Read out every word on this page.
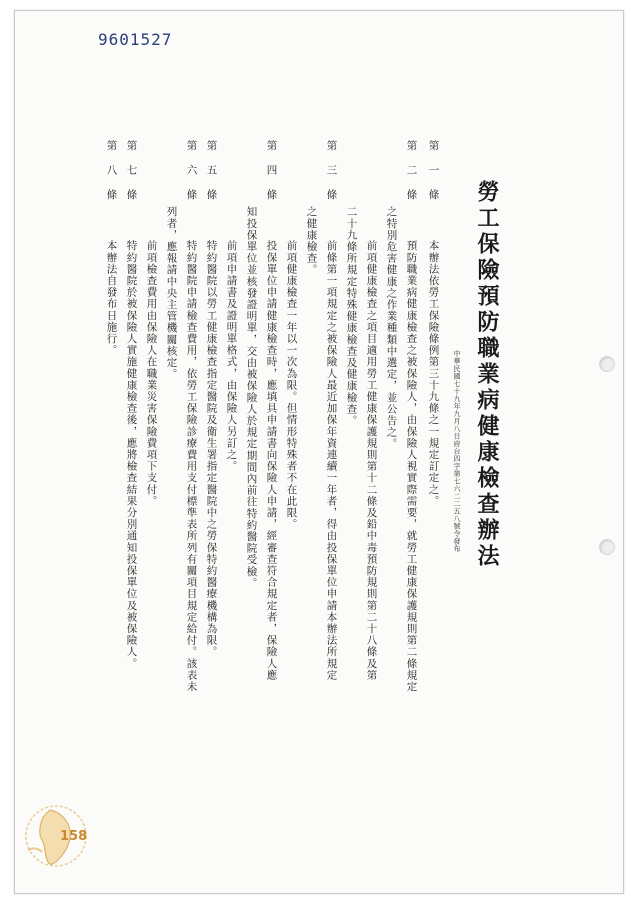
9601527
勞工保險預防職業病健康檢查辦法
中華民國七十九年九月八日府台四字第七六二二五八號令發布
第一條
本辦法依勞工保險條例第三十九條之一規定訂定之。
第二條
預防職業病健康檢查之被保險人，由保險人視實際需要，就勞工健康保護規則第二條規定
之特別危害健康之作業種類中選定，並公告之。
前項健康檢查之項目適用勞工健康保護規則第十二條及鉛中毒預防規則第二十八條及第
二十九條所規定特殊健康檢查及健康檢查。
第三條
前條第一項規定之被保險人最近加保年資連續一年者，得由投保單位申請本辦法所規定
之健康檢查。
前項健康檢查一年以一次為限。但情形特殊者不在此限。
第四條
投保單位申請健康檢查時，應填具申請書向保險人申請，經審查符合規定者，保險人應
知投保單位並核發證明單，交由被保險人於規定期間內前往特約醫院受檢。
前項申請書及證明單格式，由保險人另訂之。
第五條
特約醫院以勞工健康檢查指定醫院及衛生署指定醫院中之勞保特約醫療機構為限。
第六條
特約醫院申請檢查費用，依勞工保險診療費用支付標準表所列有關項目規定給付。該表未
列者，應報請中央主管機關核定。
前項檢查費用由保險人在職業災害保險費項下支付。
第七條
特約醫院於被保險人實施健康檢查後，應將檢查結果分別通知投保單位及被保險人。
第八條
本辦法自發布日施行。
158
